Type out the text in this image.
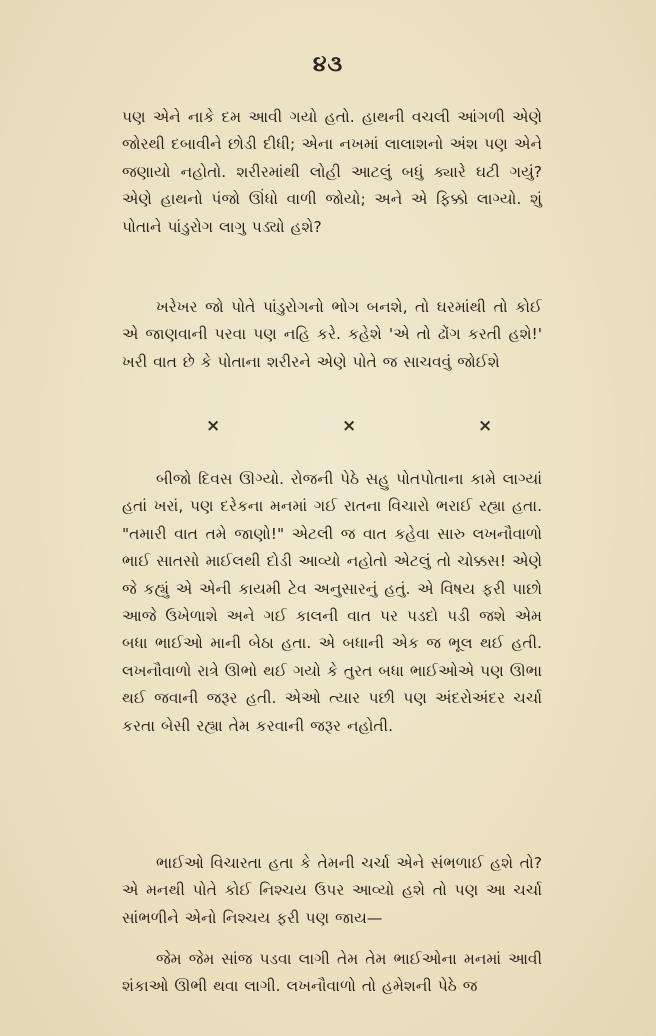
૪૩

પણ એને નાકે દમ આવી ગયો હતો. હાથની વચલી આંગળી એણે જોરથી દબાવીને છોડી દીધી; એના નખમાં લાલાશનો અંશ પણ એને જણાયો નહોતો. શરીરમાંથી લોહી આટલું બધું ક્યારે ઘટી ગયું? એણે હાથનો પંજો ઊંધો વાળી જોયો; અને એ ફિક્કો લાગ્યો. શું પોતાને પાંડુરોગ લાગુ પડ્યો હશે?

ખરેખર જો પોતે પાંડુરોગનો ભોગ બનશે, તો ઘરમાંથી તો કોઈ એ જાણવાની પરવા પણ નહિ કરે. કહેશે 'એ તો ઢોંગ કરતી હશે!' ખરી વાત છે કે પોતાના શરીરને એણે પોતે જ સાચવવું જોઈશે

×	×	×

બીજો દિવસ ઊગ્યો. રોજની પેઠે સહુ પોતપોતાના કામે લાગ્યાં હતાં ખરાં, પણ દરેકના મનમાં ગઈ રાતના વિચારો ભરાઈ રહ્યા હતા. "તમારી વાત તમે જાણો!" એટલી જ વાત કહેવા સારુ લખનૌવાળો ભાઈ સાતસો માઈલથી દોડી આવ્યો નહોતો એટલું તો ચોક્કસ! એણે જે કહ્યું એ એની કાયમી ટેવ અનુસારનું હતું. એ વિષય ફરી પાછો આજે ઉખેળાશે અને ગઈ કાલની વાત પર પડદો પડી જશે એમ બધા ભાઈઓ માની બેઠા હતા. એ બધાની એક જ ભૂલ થઈ હતી. લખનૌવાળો રાત્રે ઊભો થઈ ગયો કે તુરત બધા ભાઈઓએ પણ ઊભા થઈ જવાની જરૂર હતી. એઓ ત્યાર પછી પણ અંદરોઅંદર ચર્ચા કરતા બેસી રહ્યા તેમ કરવાની જરૂર નહોતી.

ભાઈઓ વિચારતા હતા કે તેમની ચર્ચા એને સંભળાઈ હશે તો? એ મનથી પોતે કોઈ નિશ્ચય ઉપર આવ્યો હશે તો પણ આ ચર્ચા સાંભળીને એનો નિશ્ચય ફરી પણ જાય—

જેમ જેમ સાંજ પડવા લાગી તેમ તેમ ભાઈઓના મનમાં આવી શંકાઓ ઊભી થવા લાગી. લખનૌવાળો તો હમેશની પેઠે જ
